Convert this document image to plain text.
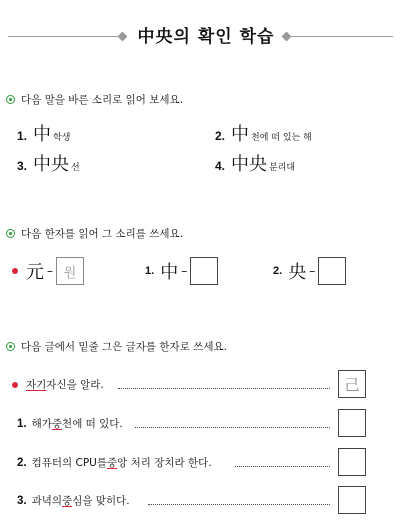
中央의 확인 학습
다음 말을 바른 소리로 읽어 보세요.
1. 中 학생	2. 中 천에 떠 있는 해
3. 中央 선	4. 中央 분리대
다음 한자를 읽어 그 소리를 쓰세요.
元 – 원	1. 中 –	2. 央 –
다음 글에서 밑줄 그은 글자를 한자로 쓰세요.
자기 자신을 알라.	己
1. 해가 중 천에 떠 있다.
2. 컴퓨터의 CPU를 중 앙 처리 장치라 한다.
3. 과녁의 중 심을 맞히다.
